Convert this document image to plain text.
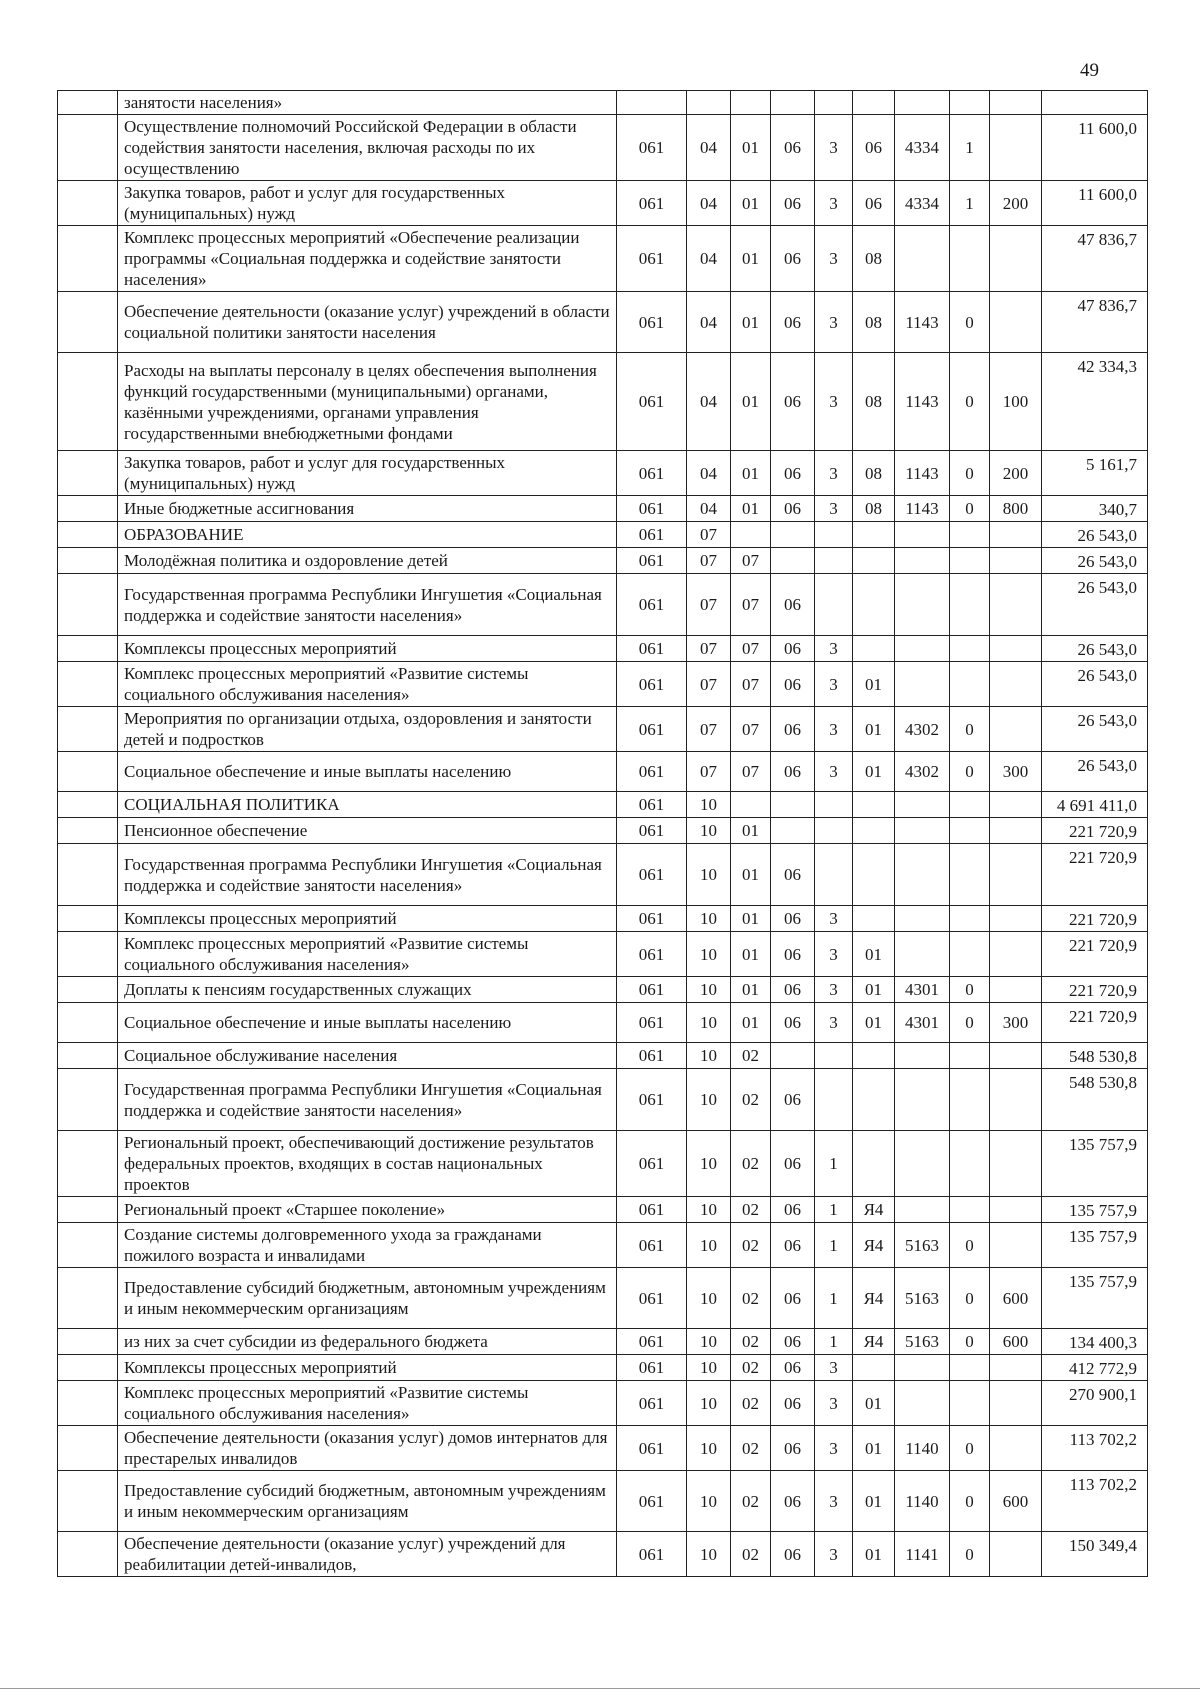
49
	занятости населения»										
	Осуществление полномочий Российской Федерации в области содействия занятости населения, включая расходы по их осуществлению	061	04	01	06	3	06	4334	1		11 600,0
	Закупка товаров, работ и услуг для государственных (муниципальных) нужд	061	04	01	06	3	06	4334	1	200	11 600,0
	Комплекс процессных мероприятий «Обеспечение реализации программы «Социальная поддержка и содействие занятости населения»	061	04	01	06	3	08				47 836,7
	Обеспечение деятельности (оказание услуг) учреждений в области социальной политики занятости населения	061	04	01	06	3	08	1143	0		47 836,7
	Расходы на выплаты персоналу в целях обеспечения выполнения функций государственными (муниципальными) органами, казёнными учреждениями, органами управления государственными внебюджетными фондами	061	04	01	06	3	08	1143	0	100	42 334,3
	Закупка товаров, работ и услуг для государственных (муниципальных) нужд	061	04	01	06	3	08	1143	0	200	5 161,7
	Иные бюджетные ассигнования	061	04	01	06	3	08	1143	0	800	340,7
	ОБРАЗОВАНИЕ	061	07								26 543,0
	Молодёжная политика и оздоровление детей	061	07	07							26 543,0
	Государственная программа Республики Ингушетия «Социальная поддержка и содействие занятости населения»	061	07	07	06						26 543,0
	Комплексы процессных мероприятий	061	07	07	06	3					26 543,0
	Комплекс процессных мероприятий «Развитие системы социального обслуживания населения»	061	07	07	06	3	01				26 543,0
	Мероприятия по организации отдыха, оздоровления и занятости детей и подростков	061	07	07	06	3	01	4302	0		26 543,0
	Социальное обеспечение и иные выплаты населению	061	07	07	06	3	01	4302	0	300	26 543,0
	СОЦИАЛЬНАЯ ПОЛИТИКА	061	10								4 691 411,0
	Пенсионное обеспечение	061	10	01							221 720,9
	Государственная программа Республики Ингушетия «Социальная поддержка и содействие занятости населения»	061	10	01	06						221 720,9
	Комплексы процессных мероприятий	061	10	01	06	3					221 720,9
	Комплекс процессных мероприятий «Развитие системы социального обслуживания населения»	061	10	01	06	3	01				221 720,9
	Доплаты к пенсиям государственных служащих	061	10	01	06	3	01	4301	0		221 720,9
	Социальное обеспечение и иные выплаты населению	061	10	01	06	3	01	4301	0	300	221 720,9
	Социальное обслуживание населения	061	10	02							548 530,8
	Государственная программа Республики Ингушетия «Социальная поддержка и содействие занятости населения»	061	10	02	06						548 530,8
	Региональный проект, обеспечивающий достижение результатов федеральных проектов, входящих в состав национальных проектов	061	10	02	06	1					135 757,9
	Региональный проект «Старшее поколение»	061	10	02	06	1	Я4				135 757,9
	Создание системы долговременного ухода за гражданами пожилого возраста и инвалидами	061	10	02	06	1	Я4	5163	0		135 757,9
	Предоставление субсидий бюджетным, автономным учреждениям и иным некоммерческим организациям	061	10	02	06	1	Я4	5163	0	600	135 757,9
	из них за счет субсидии из федерального бюджета	061	10	02	06	1	Я4	5163	0	600	134 400,3
	Комплексы процессных мероприятий	061	10	02	06	3					412 772,9
	Комплекс процессных мероприятий «Развитие системы социального обслуживания населения»	061	10	02	06	3	01				270 900,1
	Обеспечение деятельности (оказания услуг) домов интернатов для престарелых инвалидов	061	10	02	06	3	01	1140	0		113 702,2
	Предоставление субсидий бюджетным, автономным учреждениям и иным некоммерческим организациям	061	10	02	06	3	01	1140	0	600	113 702,2
	Обеспечение деятельности (оказание услуг) учреждений для реабилитации детей-инвалидов,	061	10	02	06	3	01	1141	0		150 349,4
